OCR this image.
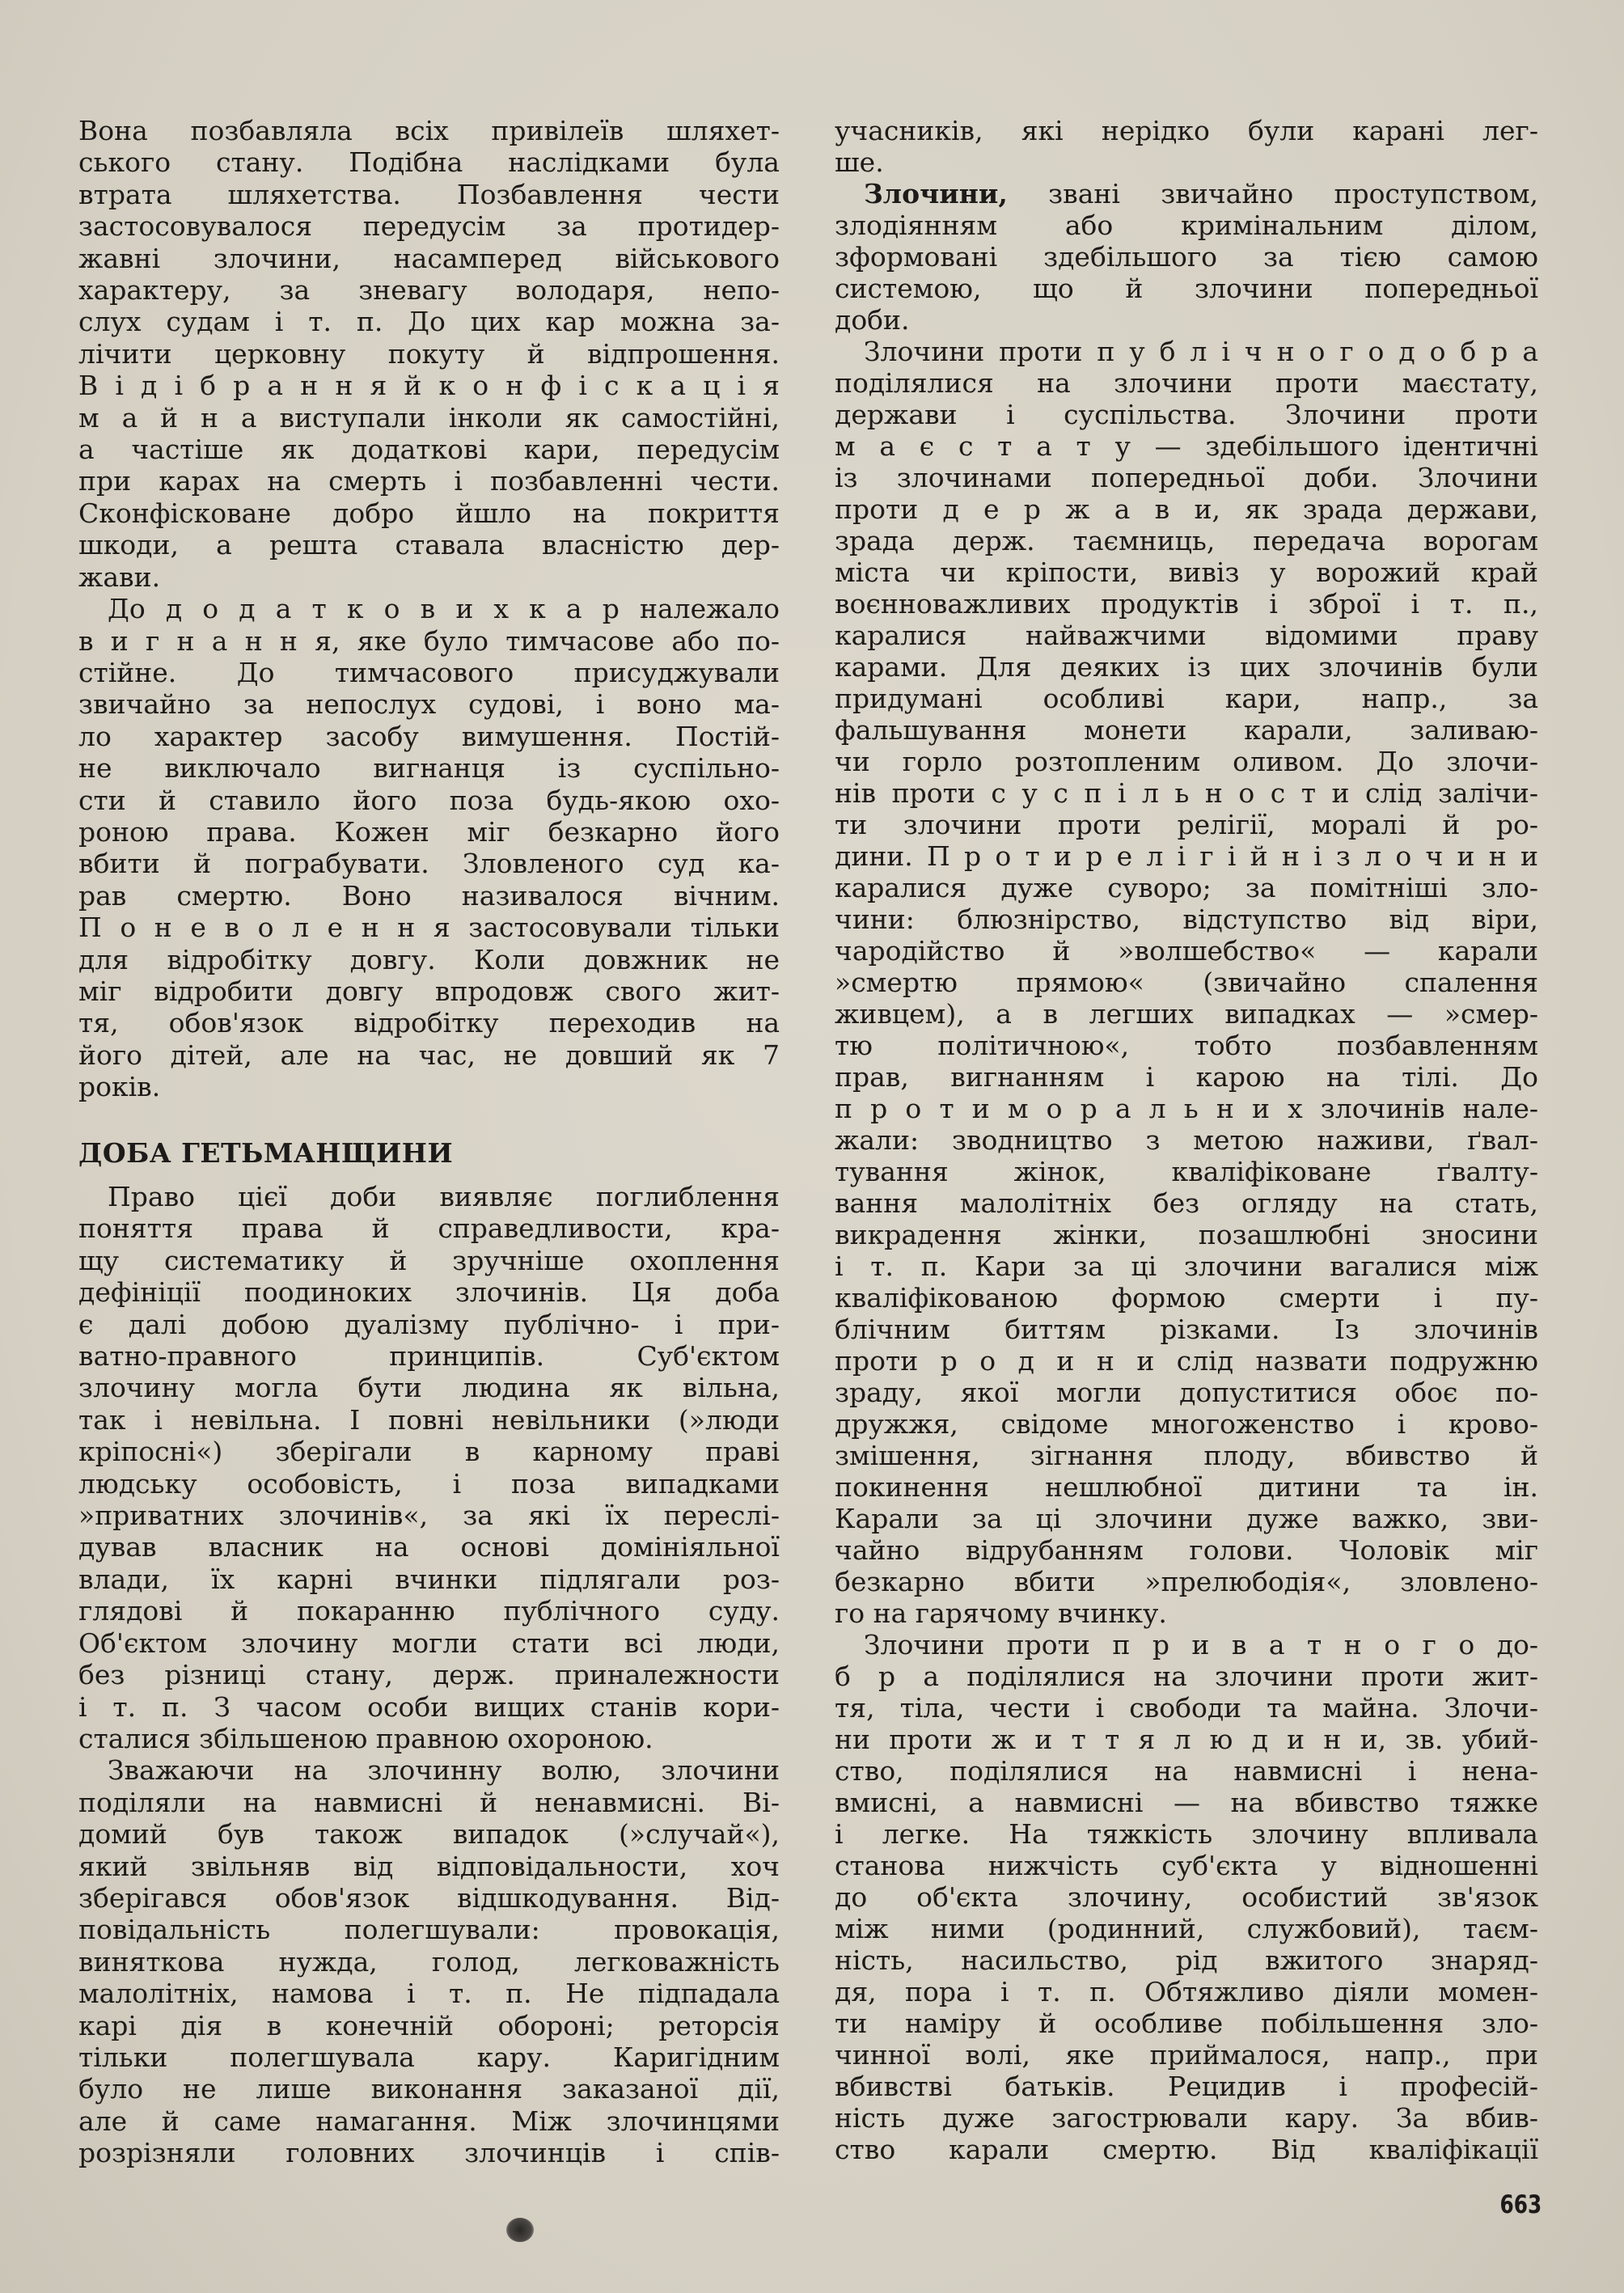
Вона позбавляла всіх привілеїв шляхет-
ського стану. Подібна наслідками була
втрата шляхетства. Позбавлення чести
застосовувалося передусім за протидер-
жавні злочини, насамперед військового
характеру, за зневагу володаря, непо-
слух судам і т. п. До цих кар можна за-
лічити церковну покуту й відпрошення.
В і д і б р а н н я й к о н ф і с к а ц і я
м а й н а виступали інколи як самостійні,
а частіше як додаткові кари, передусім
при карах на смерть і позбавленні чести.
Сконфісковане добро йшло на покриття
шкоди, а решта ставала власністю дер-
жави.
До д о д а т к о в и х к а р належало
в и г н а н н я, яке було тимчасове або по-
стійне. До тимчасового присуджували
звичайно за непослух судові, і воно ма-
ло характер засобу вимушення. Постій-
не виключало вигнанця із суспільно-
сти й ставило його поза будь-якою охо-
роною права. Кожен міг безкарно його
вбити й пограбувати. Зловленого суд ка-
рав смертю. Воно називалося вічним.
П о н е в о л е н н я застосовували тільки
для відробітку довгу. Коли довжник не
міг відробити довгу впродовж свого жит-
тя, обов'язок відробітку переходив на
його дітей, але на час, не довший як 7
років.
ДОБА ГЕТЬМАНЩИНИ
Право цієї доби виявляє поглиблення
поняття права й справедливости, кра-
щу систематику й зручніше охоплення
дефініції поодиноких злочинів. Ця доба
є далі добою дуалізму публічно- і при-
ватно-правного принципів. Суб'єктом
злочину могла бути людина як вільна,
так і невільна. І повні невільники (»люди
кріпосні«) зберігали в карному праві
людську особовість, і поза випадками
»приватних злочинів«, за які їх переслі-
дував власник на основі домініяльної
влади, їх карні вчинки підлягали роз-
глядові й покаранню публічного суду.
Об'єктом злочину могли стати всі люди,
без різниці стану, держ. приналежности
і т. п. З часом особи вищих станів кори-
сталися збільшеною правною охороною.
Зважаючи на злочинну волю, злочини
поділяли на навмисні й ненавмисні. Ві-
домий був також випадок (»случай«),
який звільняв від відповідальности, хоч
зберігався обов'язок відшкодування. Від-
повідальність полегшували: провокація,
виняткова нужда, голод, легковажність
малолітніх, намова і т. п. Не підпадала
карі дія в конечній обороні; реторсія
тільки полегшувала кару. Каригідним
було не лише виконання заказаної дії,
але й саме намагання. Між злочинцями
розрізняли головних злочинців і спів-
учасників, які нерідко були карані лег-
ше.
Злочини, звані звичайно проступством,
злодіянням або кримінальним ділом,
зформовані здебільшого за тією самою
системою, що й злочини попередньої
доби.
Злочини проти п у б л і ч н о г о д о б р а
поділялися на злочини проти маєстату,
держави і суспільства. Злочини проти
м а є с т а т у — здебільшого ідентичні
із злочинами попередньої доби. Злочини
проти д е р ж а в и, як зрада держави,
зрада держ. таємниць, передача ворогам
міста чи кріпости, вивіз у ворожий край
воєнноважливих продуктів і зброї і т. п.,
каралися найважчими відомими праву
карами. Для деяких із цих злочинів були
придумані особливі кари, напр., за
фальшування монети карали, заливаю-
чи горло розтопленим оливом. До злочи-
нів проти с у с п і л ь н о с т и слід залічи-
ти злочини проти релігії, моралі й ро-
дини. П р о т и р е л і г і й н і з л о ч и н и
каралися дуже суворо; за помітніші зло-
чини: блюзнірство, відступство від віри,
чародійство й »волшебство« — карали
»смертю прямою« (звичайно спалення
живцем), а в легших випадках — »смер-
тю політичною«, тобто позбавленням
прав, вигнанням і карою на тілі. До
п р о т и м о р а л ь н и х злочинів нале-
жали: зводництво з метою наживи, ґвал-
тування жінок, кваліфіковане ґвалту-
вання малолітніх без огляду на стать,
викрадення жінки, позашлюбні зносини
і т. п. Кари за ці злочини вагалися між
кваліфікованою формою смерти і пу-
блічним биттям різками. Із злочинів
проти р о д и н и слід назвати подружню
зраду, якої могли допуститися обоє по-
дружжя, свідоме многоженство і крово-
змішення, зігнання плоду, вбивство й
покинення нешлюбної дитини та ін.
Карали за ці злочини дуже важко, зви-
чайно відрубанням голови. Чоловік міг
безкарно вбити »прелюбодія«, зловлено-
го на гарячому вчинку.
Злочини проти п р и в а т н о г о до-
б р а поділялися на злочини проти жит-
тя, тіла, чести і свободи та майна. Злочи-
ни проти ж и т т я л ю д и н и, зв. убий-
ство, поділялися на навмисні і нена-
вмисні, а навмисні — на вбивство тяжке
і легке. На тяжкість злочину впливала
станова нижчість суб'єкта у відношенні
до об'єкта злочину, особистий зв'язок
між ними (родинний, службовий), таєм-
ність, насильство, рід вжитого знаряд-
дя, пора і т. п. Обтяжливо діяли момен-
ти наміру й особливе побільшення зло-
чинної волі, яке приймалося, напр., при
вбивстві батьків. Рецидив і професій-
ність дуже загострювали кару. За вбив-
ство карали смертю. Від кваліфікації
663
